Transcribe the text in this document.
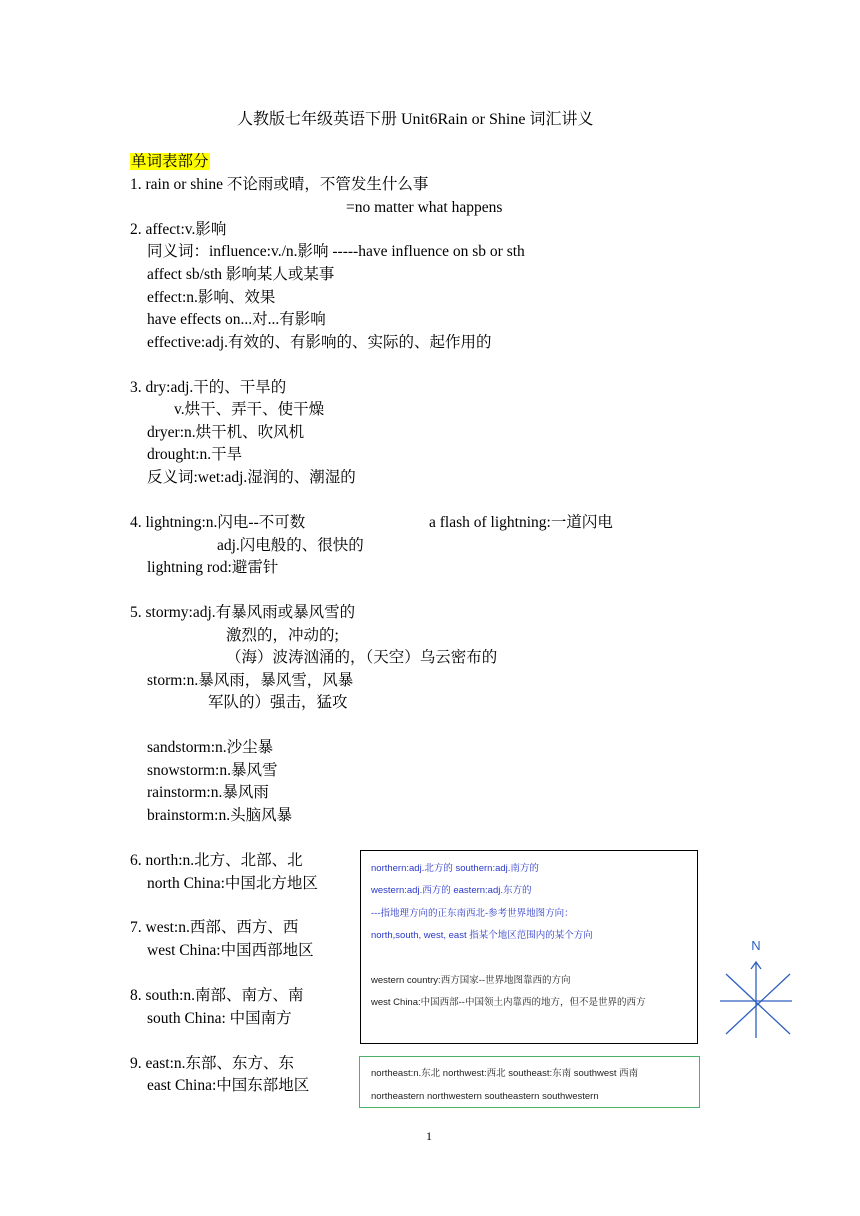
人教版七年级英语下册 Unit6Rain or Shine 词汇讲义
单词表部分
1. rain or shine 不论雨或晴，不管发生什么事
=no matter what happens
2. affect:v.影响
同义词：influence:v./n.影响 -----have influence on sb or sth
affect sb/sth 影响某人或某事
effect:n.影响、效果
have effects on...对...有影响
effective:adj.有效的、有影响的、实际的、起作用的
3. dry:adj.干的、干旱的
v.烘干、弄干、使干燥
dryer:n.烘干机、吹风机
drought:n.干旱
反义词:wet:adj.湿润的、潮湿的
4. lightning:n.闪电--不可数	a flash of lightning:一道闪电
adj.闪电般的、很快的
lightning rod:避雷针
5. stormy:adj.有暴风雨或暴风雪的
激烈的，冲动的;
（海）波涛汹涌的，（天空）乌云密布的
storm:n.暴风雨，暴风雪，风暴
军队的）强击，猛攻
sandstorm:n.沙尘暴
snowstorm:n.暴风雪
rainstorm:n.暴风雨
brainstorm:n.头脑风暴
6. north:n.北方、北部、北
north China:中国北方地区
7. west:n.西部、西方、西
west China:中国西部地区
8. south:n.南部、南方、南
south China: 中国南方
9. east:n.东部、东方、东
east China:中国东部地区
northern:adj.北方的 southern:adj.南方的
western:adj.西方的 eastern:adj.东方的
---指地理方向的正东南西北-参考世界地图方向：
north,south, west, east 指某个地区范围内的某个方向
western country:西方国家--世界地图靠西的方向
west China:中国西部--中国领土内靠西的地方，但不是世界的西方
northeast:n.东北 northwest:西北 southeast:东南 southwest 西南
northeastern northwestern southeastern southwestern
N
1
